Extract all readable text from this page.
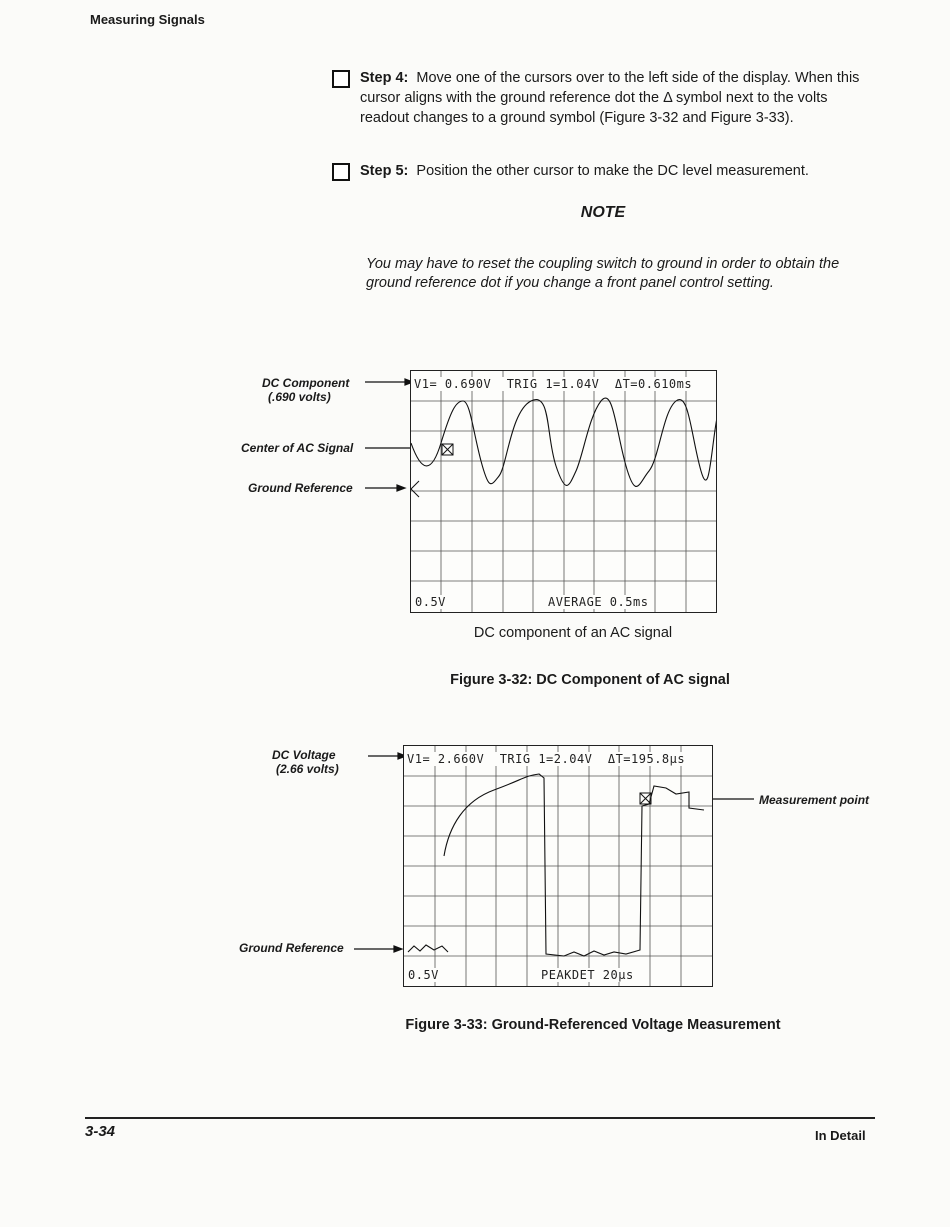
Measuring Signals
Step 4: Move one of the cursors over to the left side of the display. When this cursor aligns with the ground reference dot the Δ symbol next to the volts readout changes to a ground symbol (Figure 3-32 and Figure 3-33).
Step 5: Position the other cursor to make the DC level measurement.
NOTE
You may have to reset the coupling switch to ground in order to obtain the ground reference dot if you change a front panel control setting.
DC Component
(.690 volts)
Center of AC Signal
Ground Reference
V1= 0.690V TRIG 1=1.04V ΔT=0.610ms
0.5V	AVERAGE 0.5ms
DC component of an AC signal
Figure 3-32: DC Component of AC signal
DC Voltage
(2.66 volts)
Ground Reference
Measurement point
V1= 2.660V TRIG 1=2.04V ΔT=195.8µs
0.5V	PEAKDET 20µs
Figure 3-33: Ground-Referenced Voltage Measurement
3-34	In Detail
